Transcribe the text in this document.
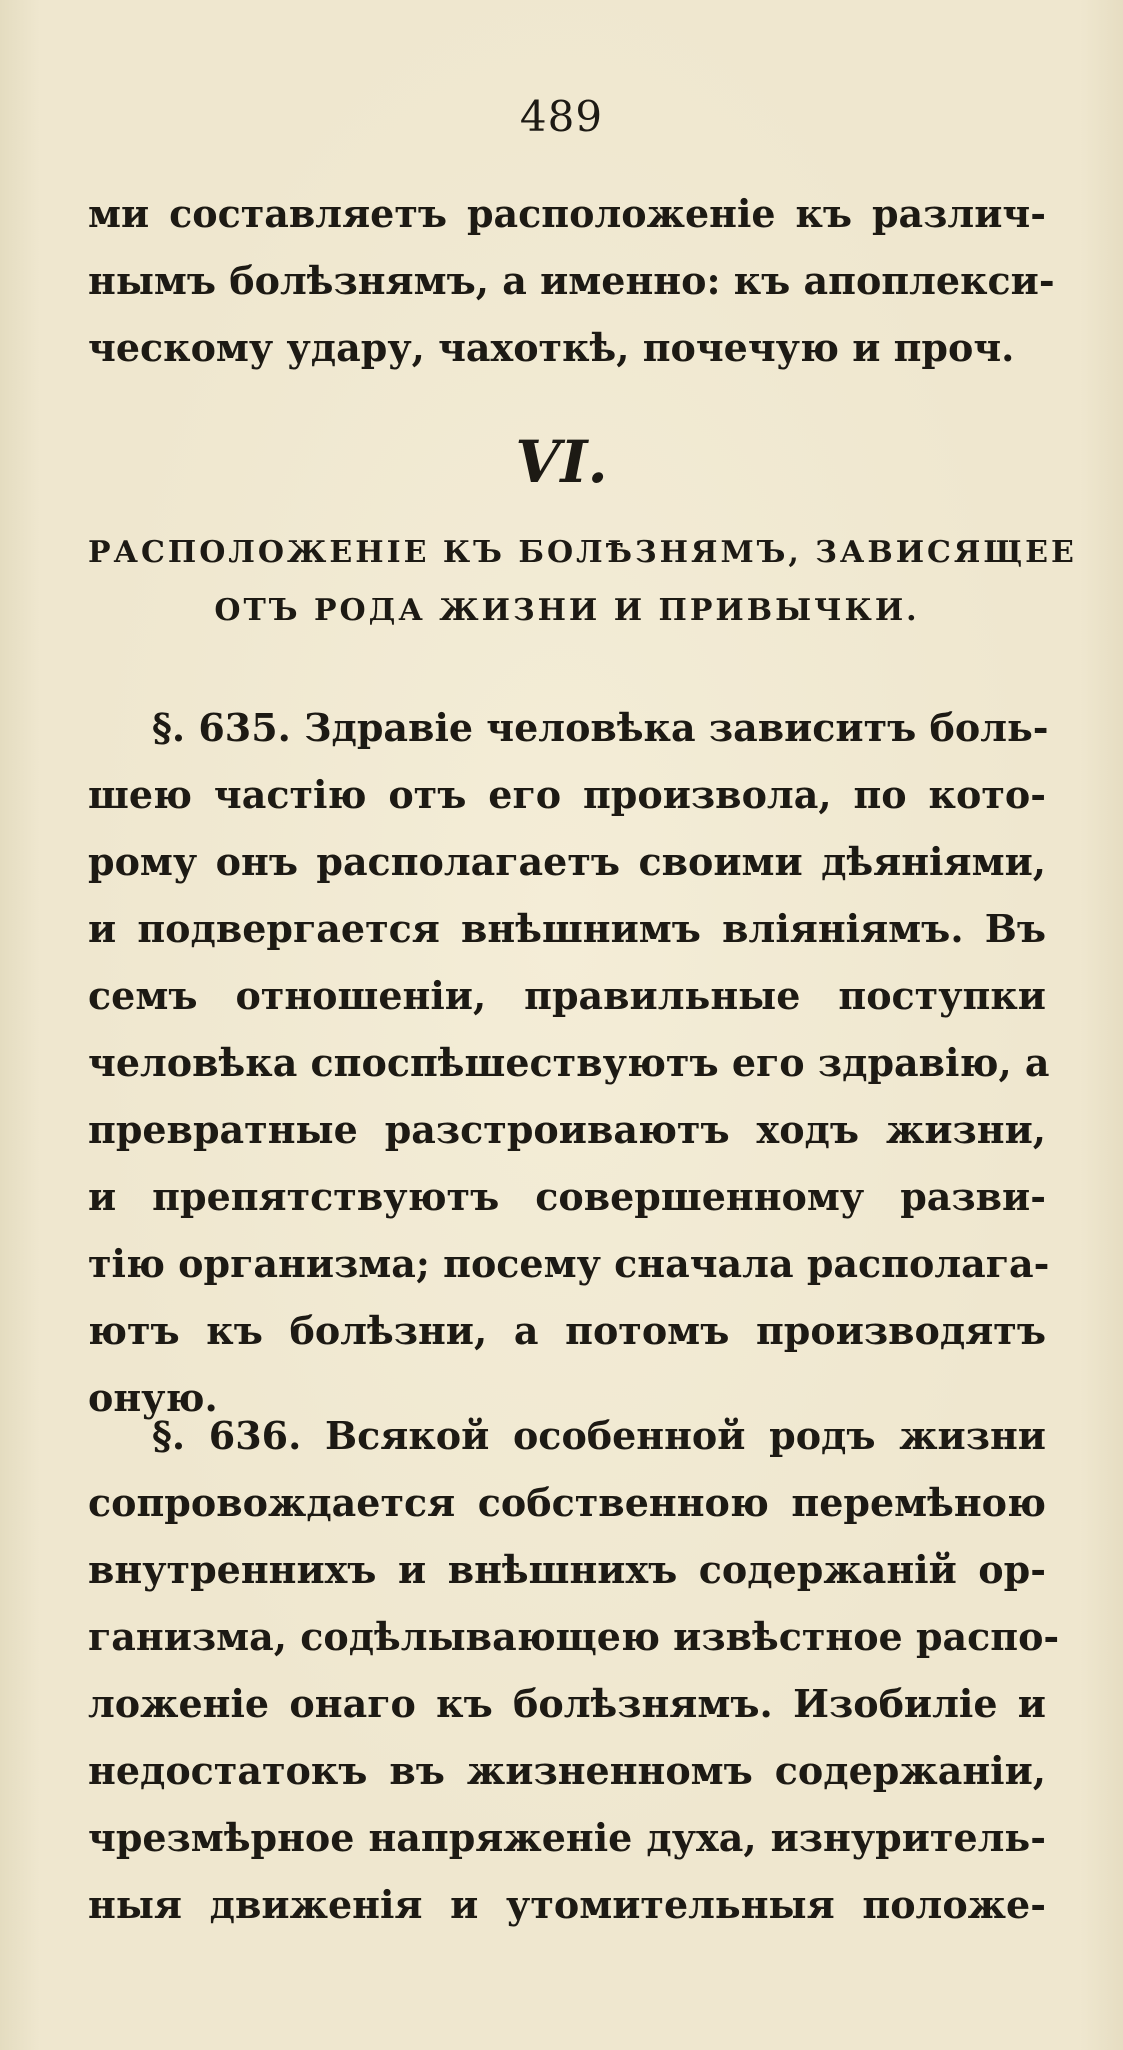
489
ми составляетъ расположеніе къ различ-
нымъ болѣзнямъ, а именно: къ апоплекси-
ческому удару, чахоткѣ, почечую и проч.
VI.
РАСПОЛОЖЕНІЕ КЪ БОЛѢЗНЯМЪ, ЗАВИСЯЩЕЕ
ОТЪ РОДА ЖИЗНИ И ПРИВЫЧКИ.
§. 635. Здравіе человѣка зависитъ боль-
шею частію отъ его произвола, по кото-
рому онъ располагаетъ своими дѣяніями,
и подвергается внѣшнимъ вліяніямъ. Въ
семъ отношеніи, правильные поступки
человѣка споспѣшествуютъ его здравію, а
превратные разстроиваютъ ходъ жизни,
и препятствуютъ совершенному разви-
тію организма; посему сначала располага-
ютъ къ болѣзни, а потомъ производятъ
оную.
§. 636. Всякой особенной родъ жизни
сопровождается собственною перемѣною
внутреннихъ и внѣшнихъ содержаній ор-
ганизма, содѣлывающею извѣстное распо-
ложеніе онаго къ болѣзнямъ. Изобиліе и
недостатокъ въ жизненномъ содержаніи,
чрезмѣрное напряженіе духа, изнуритель-
ныя движенія и утомительныя положе-
